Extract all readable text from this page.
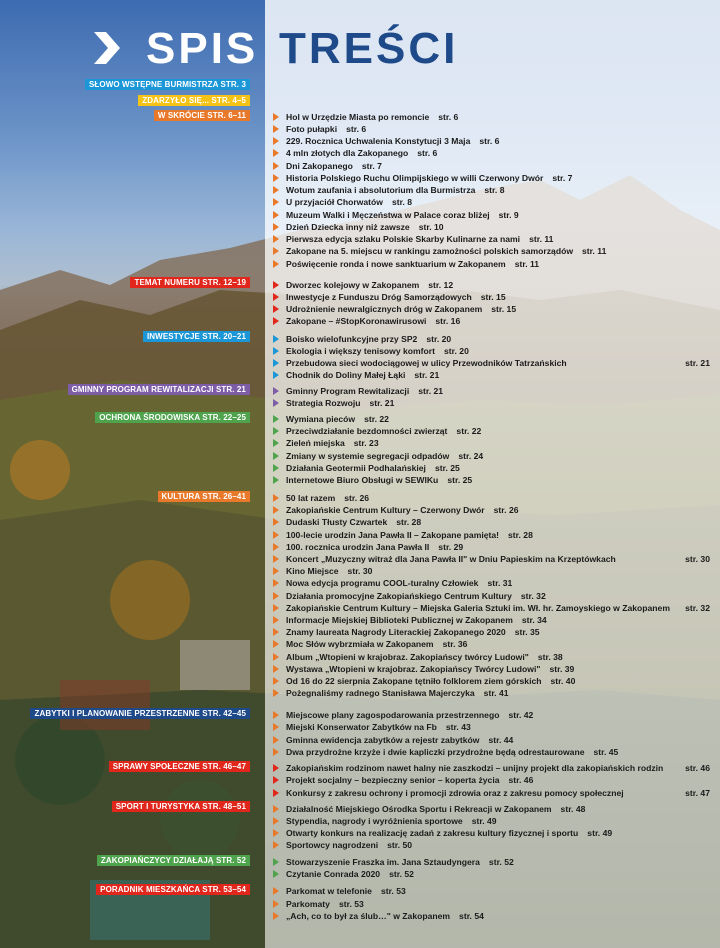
SPIS TREŚCI
SŁOWO WSTĘPNE BURMISTRZA STR. 3
ZDARZYŁO SIĘ... STR. 4–5
W SKRÓCIE STR. 6–11
TEMAT NUMERU STR. 12–19
INWESTYCJE STR. 20–21
GMINNY PROGRAM REWITALIZACJI STR. 21
OCHRONA ŚRODOWISKA STR. 22–25
KULTURA STR. 26–41
ZABYTKI I PLANOWANIE PRZESTRZENNE STR. 42–45
SPRAWY SPOŁECZNE STR. 46–47
SPORT I TURYSTYKA STR. 48–51
ZAKOPIAŃCZYCY DZIAŁAJĄ STR. 52
PORADNIK MIESZKAŃCA STR. 53–54
Hol w Urzędzie Miasta po remoncie str. 6
Foto pułapki str. 6
229. Rocznica Uchwalenia Konstytucji 3 Maja str. 6
4 mln złotych dla Zakopanego str. 6
Dni Zakopanego str. 7
Historia Polskiego Ruchu Olimpijskiego w willi Czerwony Dwór str. 7
Wotum zaufania i absolutorium dla Burmistrza str. 8
U przyjaciół Chorwatów str. 8
Muzeum Walki i Męczeństwa w Palace coraz bliżej str. 9
Dzień Dziecka inny niż zawsze str. 10
Pierwsza edycja szlaku Polskie Skarby Kulinarne za nami str. 11
Zakopane na 5. miejscu w rankingu zamożności polskich samorządów str. 11
Poświęcenie ronda i nowe sanktuarium w Zakopanem str. 11
Dworzec kolejowy w Zakopanem str. 12
Inwestycje z Funduszu Dróg Samorządowych str. 15
Udrożnienie newralgicznych dróg w Zakopanem str. 15
Zakopane – #StopKoronawirusowi str. 16
Boisko wielofunkcyjne przy SP2 str. 20
Ekologia i większy tenisowy komfort str. 20
Przebudowa sieci wodociągowej w ulicy Przewodników Tatrzańskich	str. 21
Chodnik do Doliny Małej Łąki str. 21
Gminny Program Rewitalizacji str. 21
Strategia Rozwoju str. 21
Wymiana pieców str. 22
Przeciwdziałanie bezdomności zwierząt str. 22
Zieleń miejska str. 23
Zmiany w systemie segregacji odpadów str. 24
Działania Geotermii Podhalańskiej str. 25
Internetowe Biuro Obsługi w SEWIKu str. 25
50 lat razem str. 26
Zakopiańskie Centrum Kultury – Czerwony Dwór str. 26
Dudaski Tłusty Czwartek str. 28
100-lecie urodzin Jana Pawła II – Zakopane pamięta! str. 28
100. rocznica urodzin Jana Pawła II str. 29
Koncert „Muzyczny witraż dla Jana Pawła II" w Dniu Papieskim na Krzeptówkach	str. 30
Kino Miejsce str. 30
Nowa edycja programu COOL-turalny Człowiek str. 31
Działania promocyjne Zakopiańskiego Centrum Kultury str. 32
Zakopiańskie Centrum Kultury – Miejska Galeria Sztuki im. Wł. hr. Zamoyskiego w Zakopanem	str. 32
Informacje Miejskiej Biblioteki Publicznej w Zakopanem str. 34
Znamy laureata Nagrody Literackiej Zakopanego 2020 str. 35
Moc Słów wybrzmiała w Zakopanem str. 36
Album „Wtopieni w krajobraz. Zakopiańscy twórcy Ludowi" str. 38
Wystawa „Wtopieni w krajobraz. Zakopiańscy Twórcy Ludowi" str. 39
Od 16 do 22 sierpnia Zakopane tętniło folklorem ziem górskich str. 40
Pożegnaliśmy radnego Stanisława Majerczyka str. 41
Miejscowe plany zagospodarowania przestrzennego str. 42
Miejski Konserwator Zabytków na Fb str. 43
Gminna ewidencja zabytków a rejestr zabytków str. 44
Dwa przydrożne krzyże i dwie kapliczki przydrożne będą odrestaurowane str. 45
Zakopiańskim rodzinom nawet halny nie zaszkodzi – unijny projekt dla zakopiańskich rodzin	str. 46
Projekt socjalny – bezpieczny senior – koperta życia str. 46
Konkursy z zakresu ochrony i promocji zdrowia oraz z zakresu pomocy społecznej	str. 47
Działalność Miejskiego Ośrodka Sportu i Rekreacji w Zakopanem str. 48
Stypendia, nagrody i wyróżnienia sportowe str. 49
Otwarty konkurs na realizację zadań z zakresu kultury fizycznej i sportu str. 49
Sportowcy nagrodzeni str. 50
Stowarzyszenie Fraszka im. Jana Sztaudyngera str. 52
Czytanie Conrada 2020 str. 52
Parkomat w telefonie str. 53
Parkomaty str. 53
„Ach, co to był za ślub…" w Zakopanem str. 54
